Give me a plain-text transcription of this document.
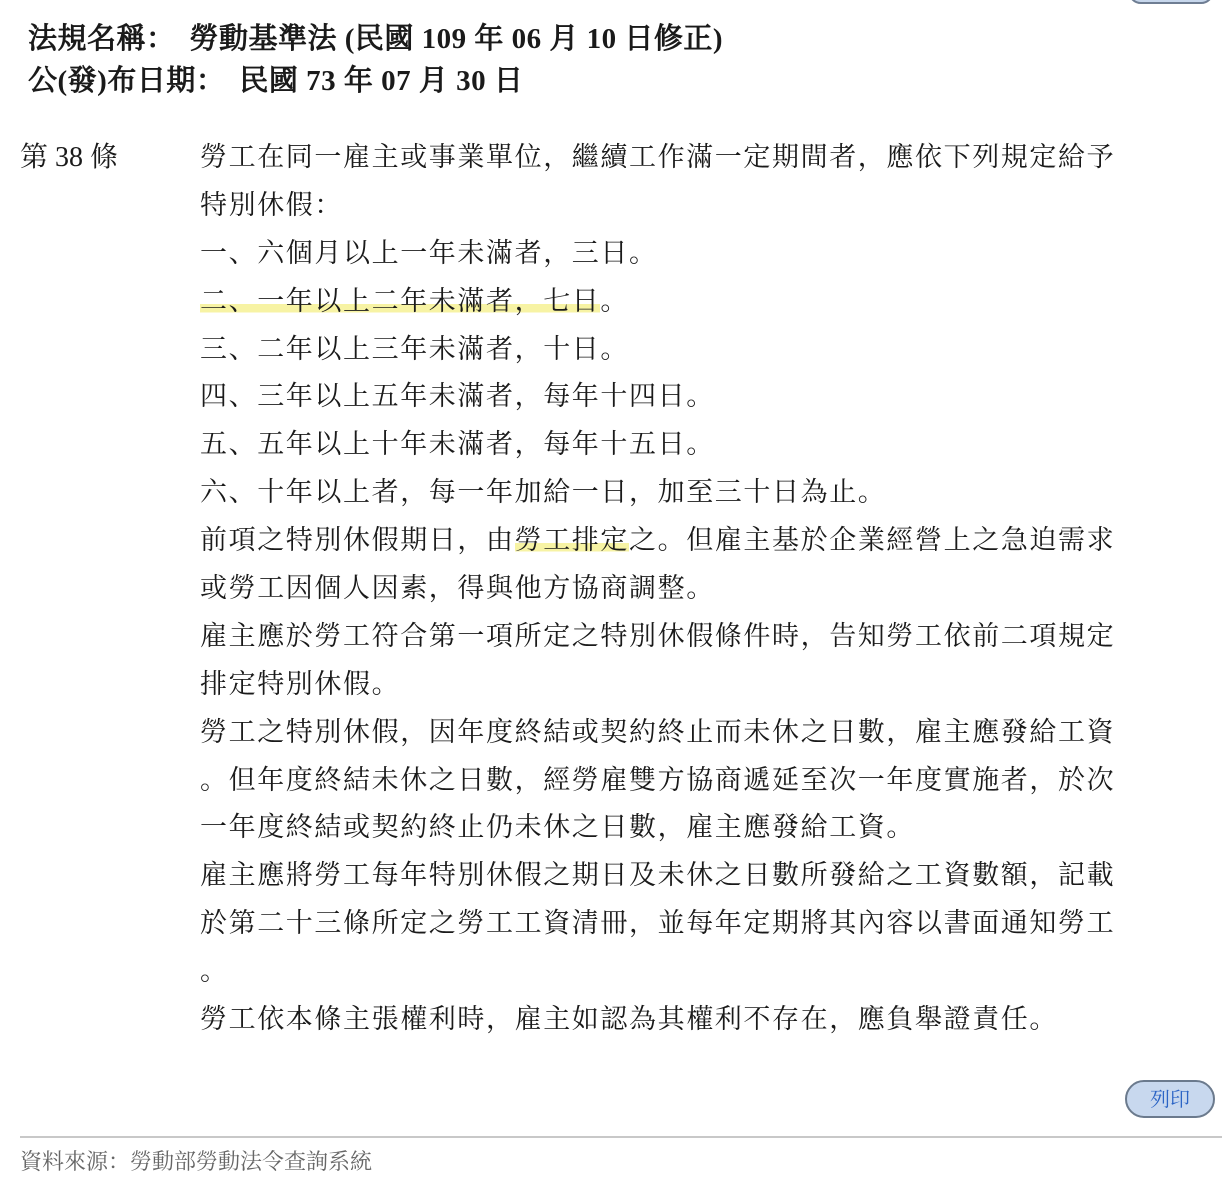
法規名稱： 勞動基準法 (民國 109 年 06 月 10 日修正)
公(發)布日期： 民國 73 年 07 月 30 日
第 38 條	勞工在同一雇主或事業單位，繼續工作滿一定期間者，應依下列規定給予
特別休假：
一、六個月以上一年未滿者，三日。
二、一年以上二年未滿者，七日。
三、二年以上三年未滿者，十日。
四、三年以上五年未滿者，每年十四日。
五、五年以上十年未滿者，每年十五日。
六、十年以上者，每一年加給一日，加至三十日為止。
前項之特別休假期日，由勞工排定之。但雇主基於企業經營上之急迫需求
或勞工因個人因素，得與他方協商調整。
雇主應於勞工符合第一項所定之特別休假條件時，告知勞工依前二項規定
排定特別休假。
勞工之特別休假，因年度終結或契約終止而未休之日數，雇主應發給工資
。但年度終結未休之日數，經勞雇雙方協商遞延至次一年度實施者，於次
一年度終結或契約終止仍未休之日數，雇主應發給工資。
雇主應將勞工每年特別休假之期日及未休之日數所發給之工資數額，記載
於第二十三條所定之勞工工資清冊，並每年定期將其內容以書面通知勞工
。
勞工依本條主張權利時，雇主如認為其權利不存在，應負舉證責任。
列印
資料來源：勞動部勞動法令查詢系統
